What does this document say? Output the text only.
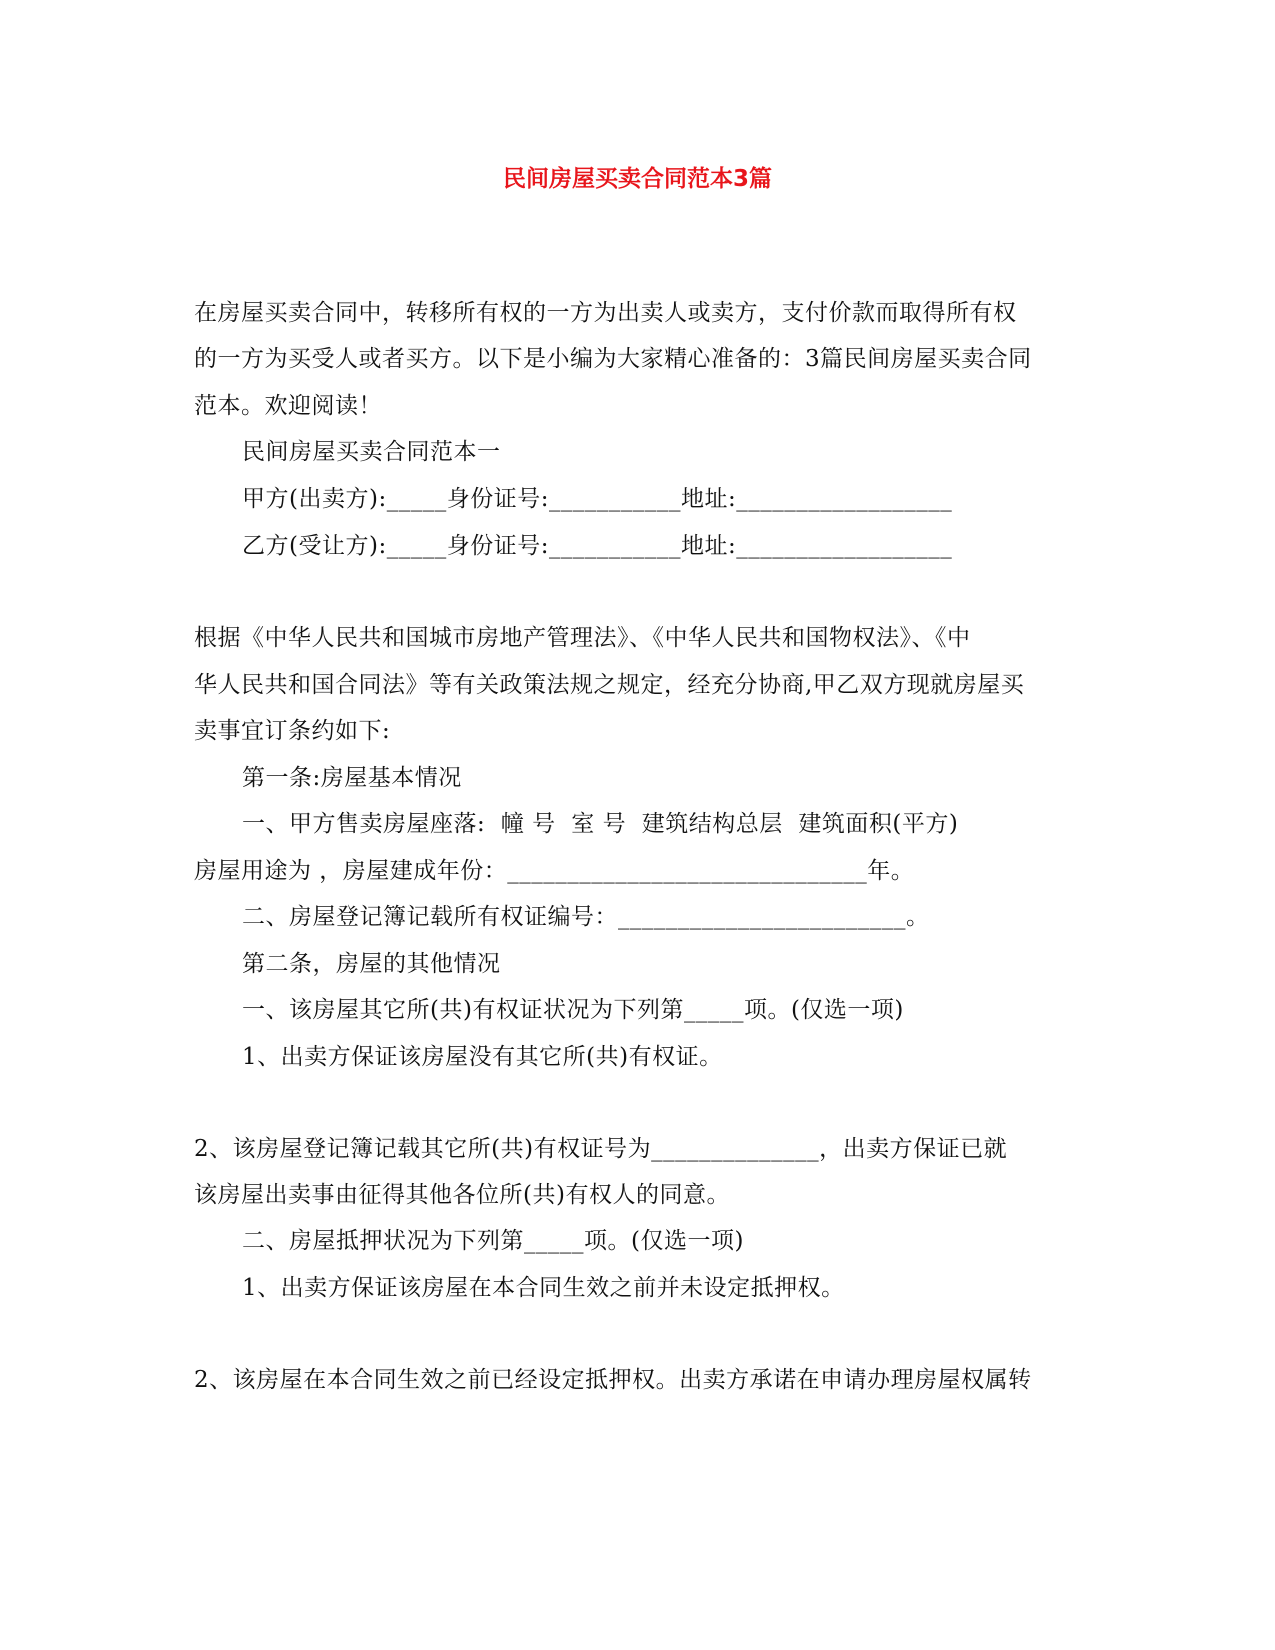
民间房屋买卖合同范本3篇
在房屋买卖合同中，转移所有权的一方为出卖人或卖方，支付价款而取得所有权
的一方为买受人或者买方。以下是小编为大家精心准备的：3篇民间房屋买卖合同
范本。欢迎阅读！
民间房屋买卖合同范本一
甲方(出卖方):_____身份证号:___________地址:__________________
乙方(受让方):_____身份证号:___________地址:__________________
根据《中华人民共和国城市房地产管理法》、《中华人民共和国物权法》、《中
华人民共和国合同法》等有关政策法规之规定，经充分协商,甲乙双方现就房屋买
卖事宜订条约如下:
第一条:房屋基本情况
一、甲方售卖房屋座落:  幢 号  室 号  建筑结构总层  建筑面积(平方)
房屋用途为 ，房屋建成年份：______________________________年。
二、房屋登记簿记载所有权证编号：________________________。
第二条，房屋的其他情况
一、该房屋其它所(共)有权证状况为下列第_____项。(仅选一项)
1、出卖方保证该房屋没有其它所(共)有权证。
2、该房屋登记簿记载其它所(共)有权证号为______________，出卖方保证已就
该房屋出卖事由征得其他各位所(共)有权人的同意。
二、房屋抵押状况为下列第_____项。(仅选一项)
1、出卖方保证该房屋在本合同生效之前并未设定抵押权。
2、该房屋在本合同生效之前已经设定抵押权。出卖方承诺在申请办理房屋权属转
